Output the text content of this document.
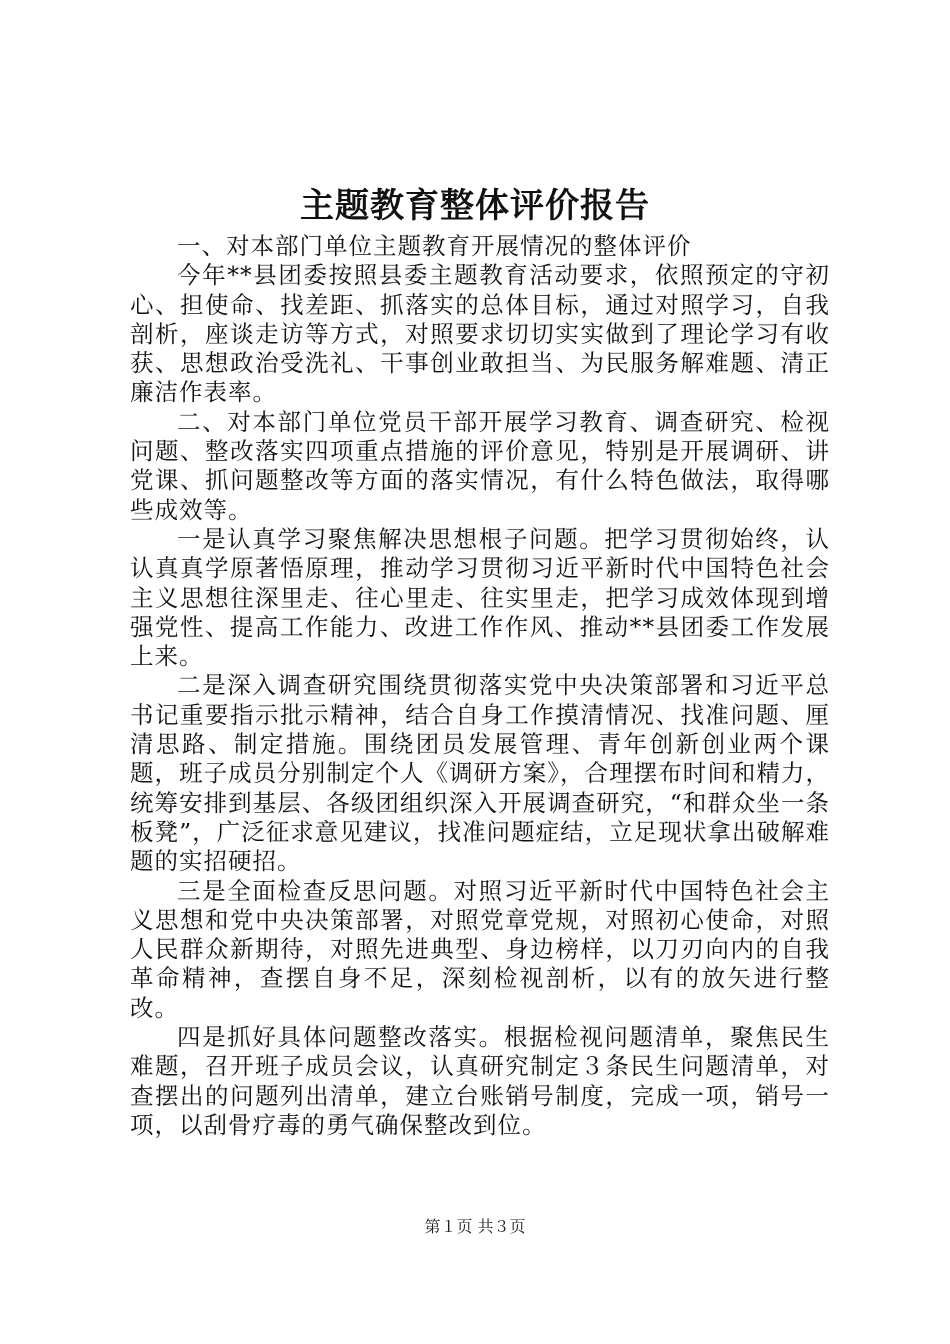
主题教育整体评价报告

一、对本部门单位主题教育开展情况的整体评价

今年**县团委按照县委主题教育活动要求，依照预定的守初心、担使命、找差距、抓落实的总体目标，通过对照学习，自我剖析，座谈走访等方式，对照要求切切实实做到了理论学习有收获、思想政治受洗礼、干事创业敢担当、为民服务解难题、清正廉洁作表率。

二、对本部门单位党员干部开展学习教育、调查研究、检视问题、整改落实四项重点措施的评价意见，特别是开展调研、讲党课、抓问题整改等方面的落实情况，有什么特色做法，取得哪些成效等。

一是认真学习聚焦解决思想根子问题。把学习贯彻始终，认认真真学原著悟原理，推动学习贯彻习近平新时代中国特色社会主义思想往深里走、往心里走、往实里走，把学习成效体现到增强党性、提高工作能力、改进工作作风、推动**县团委工作发展上来。

二是深入调查研究围绕贯彻落实党中央决策部署和习近平总书记重要指示批示精神，结合自身工作摸清情况、找准问题、厘清思路、制定措施。围绕团员发展管理、青年创新创业两个课题，班子成员分别制定个人《调研方案》，合理摆布时间和精力，统筹安排到基层、各级团组织深入开展调查研究，“和群众坐一条板凳”，广泛征求意见建议，找准问题症结，立足现状拿出破解难题的实招硬招。

三是全面检查反思问题。对照习近平新时代中国特色社会主义思想和党中央决策部署，对照党章党规，对照初心使命，对照人民群众新期待，对照先进典型、身边榜样，以刀刃向内的自我革命精神，查摆自身不足，深刻检视剖析，以有的放矢进行整改。

四是抓好具体问题整改落实。根据检视问题清单，聚焦民生难题，召开班子成员会议，认真研究制定３条民生问题清单，对查摆出的问题列出清单，建立台账销号制度，完成一项，销号一项，以刮骨疗毒的勇气确保整改到位。

第１页 共３页
